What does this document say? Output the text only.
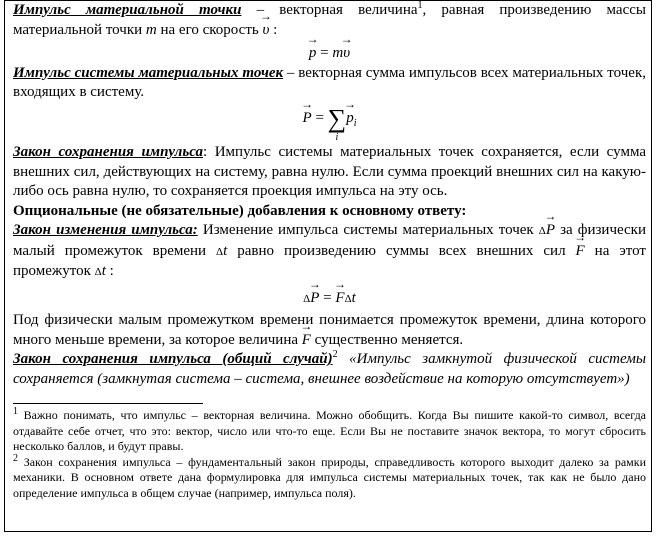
Импульс материальной точки – векторная величина$^1$, равная произведению массы материальной точки m на его скорость → υ :

→ p = m→ υ

Импульс системы материальных точек – векторная сумма импульсов всех материальных точек, входящих в систему.

→ P = ∑
i
→ $p_i$

Закон сохранения импульса: Импульс системы материальных точек сохраняется, если сумма внешних сил, действующих на систему, равна нулю. Если сумма проекций внешних сил на какую-либо ось равна нулю, то сохраняется проекция импульса на эту ось.

Опциональные (не обязательные) добавления к основному ответу:

Закон изменения импульса: Изменение импульса системы материальных точек Δ→ P за физически малый промежуток времени Δt равно произведению суммы всех внешних сил → F на этот промежуток Δt :

Δ→ P = → FΔt

Под физически малым промежутком времени понимается промежуток времени, длина которого много меньше времени, за которое величина → F существенно меняется.

Закон сохранения импульса (общий случай)$^2$ «Импульс замкнутой физической системы сохраняется (замкнутая система – система, внешнее воздействие на которую отсутствует»)

$^1$ Важно понимать, что импульс – векторная величина. Можно обобщить. Когда Вы пишите какой-то символ, всегда отдавайте себе отчет, что это: вектор, число или что-то еще. Если Вы не поставите значок вектора, то могут сбросить несколько баллов, и будут правы.

$^2$ Закон сохранения импульса – фундаментальный закон природы, справедливость которого выходит далеко за рамки механики. В основном ответе дана формулировка для импульса системы материальных точек, так как не было дано определение импульса в общем случае (например, импульса поля).
